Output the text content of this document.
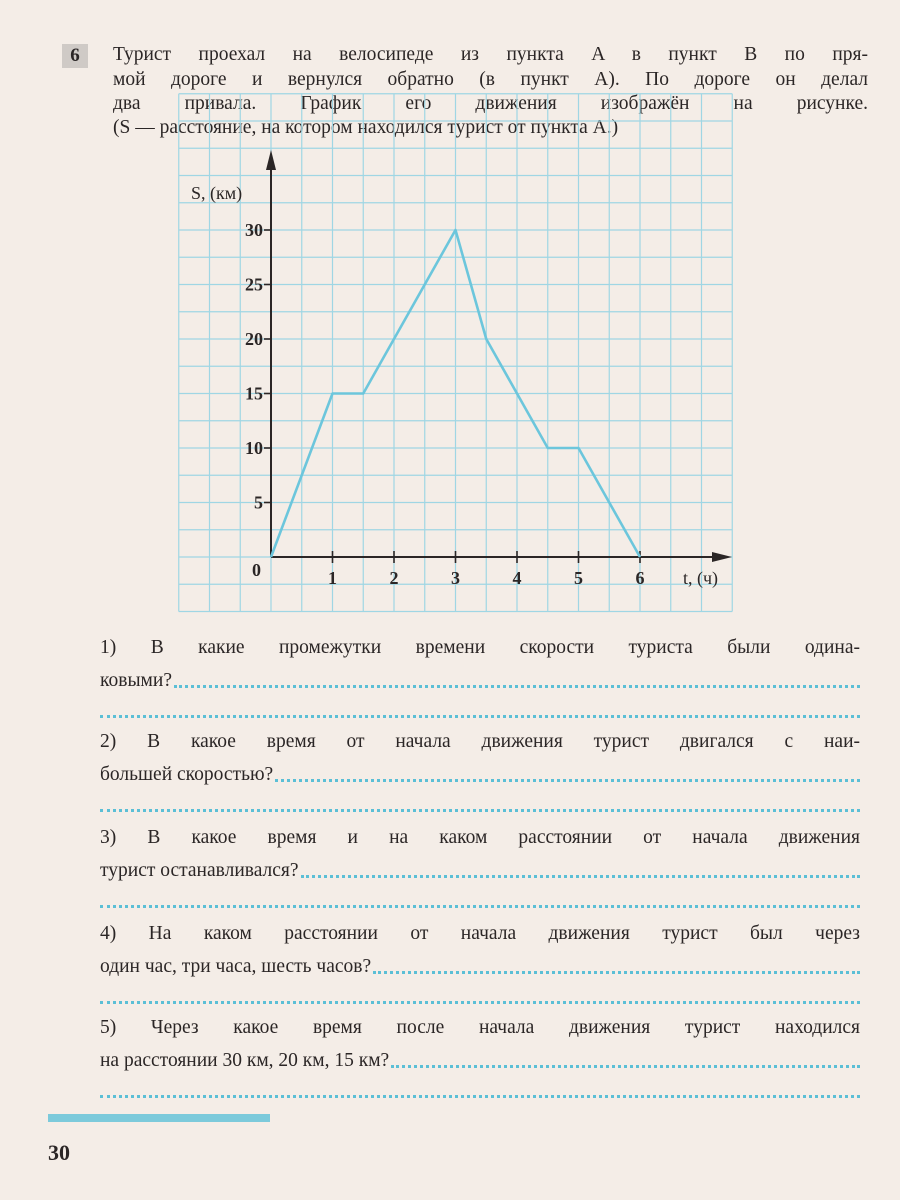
6	Турист проехал на велосипеде из пункта A в пункт B по пря-
мой дороге и вернулся обратно (в пункт A). По дороге он делал
два привала. График его движения изображён на рисунке.
(S — расстояние, на котором находился турист от пункта A.)
1	2	3	4	5	6
5
10
15
20
25
30
S, (км)
t, (ч)
0
1) В какие промежутки времени скорости туриста были одина-
ковыми?
2) В какое время от начала движения турист двигался с наи-
большей скоростью?
3) В какое время и на каком расстоянии от начала движения
турист останавливался?
4) На каком расстоянии от начала движения турист был через
один час, три часа, шесть часов?
5) Через какое время после начала движения турист находился
на расстоянии 30 км, 20 км, 15 км?
30
